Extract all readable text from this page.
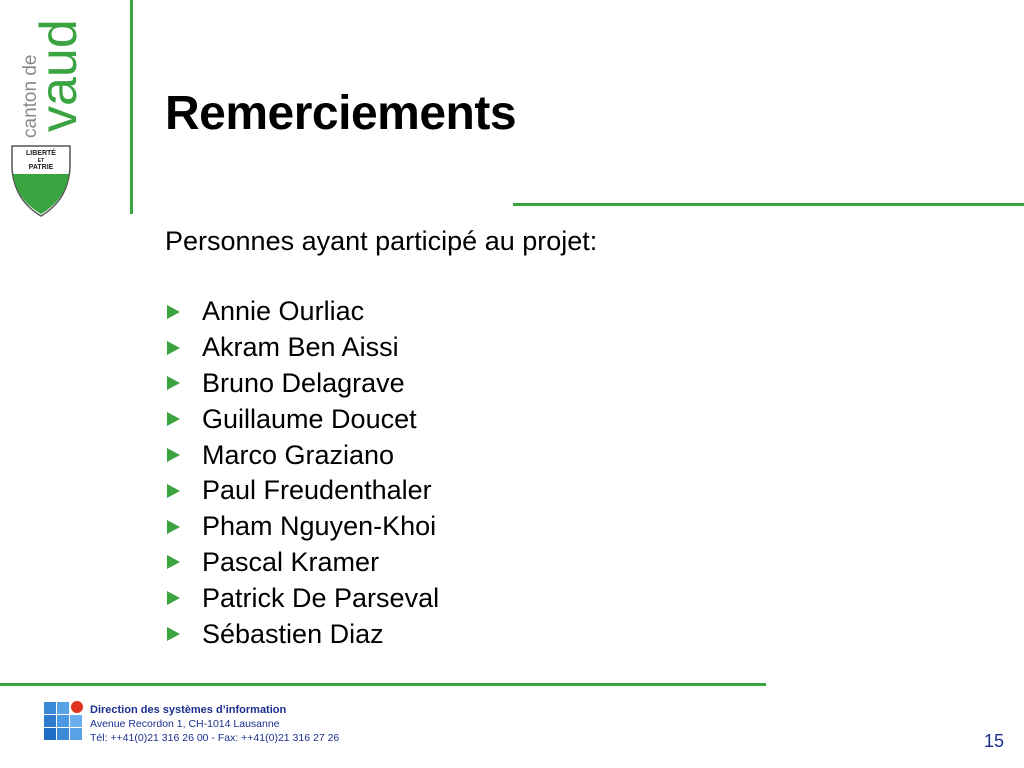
canton de
vaud
LIBERTÉ
ET
PATRIE
Remerciements
Personnes ayant participé au projet:
Annie Ourliac
Akram Ben Aissi
Bruno Delagrave
Guillaume Doucet
Marco Graziano
Paul Freudenthaler
Pham Nguyen-Khoi
Pascal Kramer
Patrick De Parseval
Sébastien Diaz
Direction des systèmes d’information
Avenue Recordon 1, CH-1014 Lausanne
Tél: ++41(0)21 316 26 00 - Fax: ++41(0)21 316 27 26	15
